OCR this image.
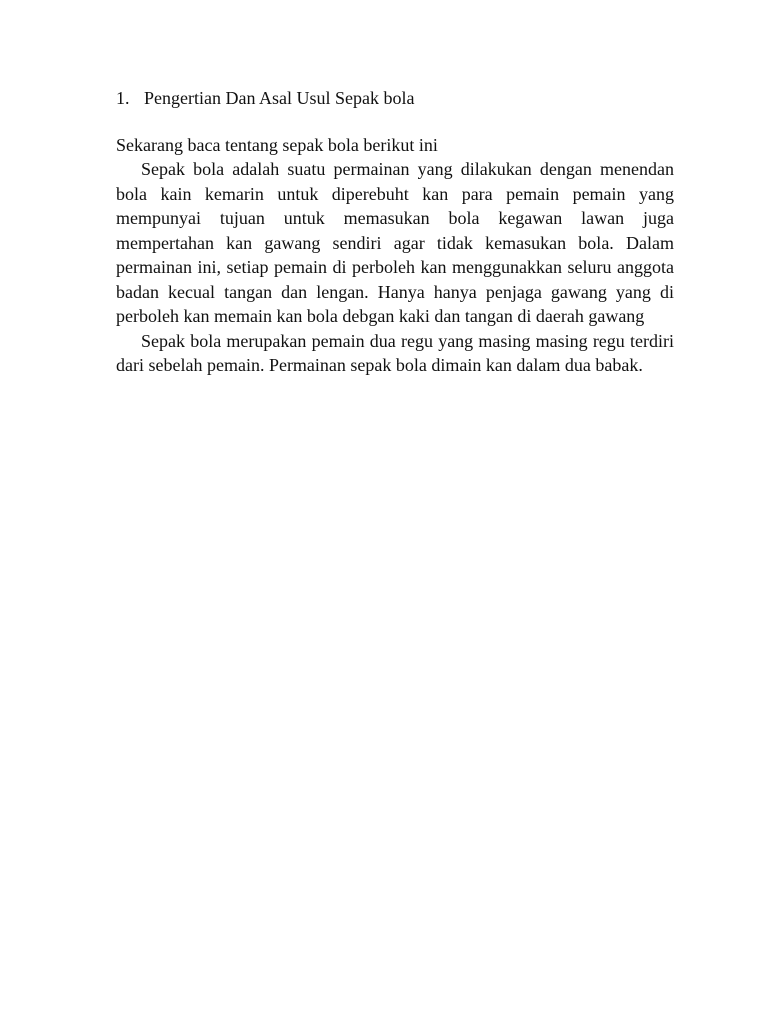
1. Pengertian Dan Asal Usul Sepak bola

Sekarang baca tentang sepak bola berikut ini

Sepak bola adalah suatu permainan yang dilakukan dengan menendan bola kain kemarin untuk diperebuht kan para pemain pemain yang mempunyai tujuan untuk memasukan bola kegawan lawan juga mempertahan kan gawang sendiri agar tidak kemasukan bola. Dalam permainan ini, setiap pemain di perboleh kan menggunakkan seluru anggota badan kecual tangan dan lengan. Hanya hanya penjaga gawang yang di perboleh kan memain kan bola debgan kaki dan tangan di daerah gawang

Sepak bola merupakan pemain dua regu yang masing masing regu terdiri dari sebelah pemain. Permainan sepak bola dimain kan dalam dua babak.
